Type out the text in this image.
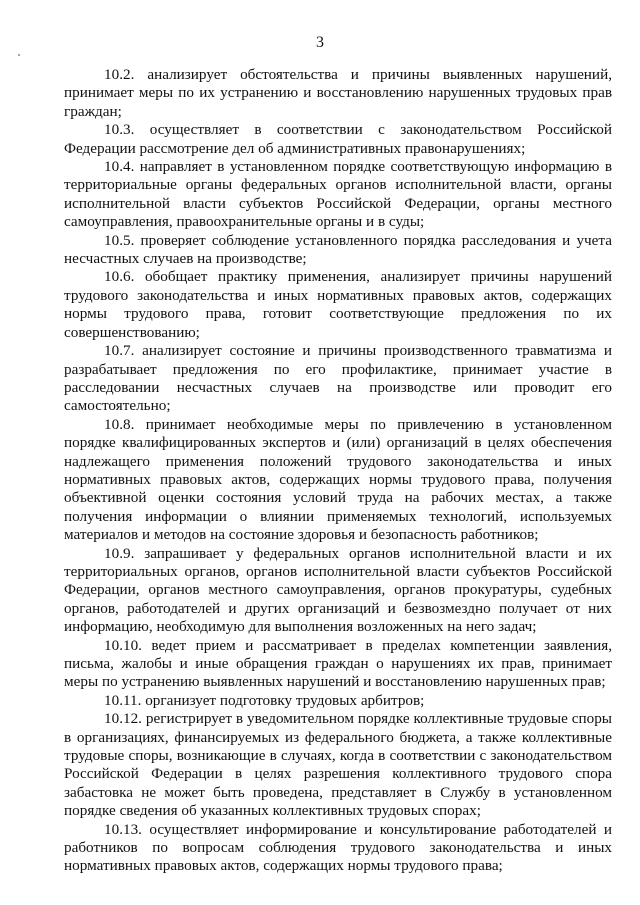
3

10.2. анализирует обстоятельства и причины выявленных нарушений, принимает меры по их устранению и восстановлению нарушенных трудовых прав граждан;

10.3. осуществляет в соответствии с законодательством Российской Федерации рассмотрение дел об административных правонарушениях;

10.4. направляет в установленном порядке соответствующую информацию в территориальные органы федеральных органов исполнительной власти, органы исполнительной власти субъектов Российской Федерации, органы местного самоуправления, правоохранительные органы и в суды;

10.5. проверяет соблюдение установленного порядка расследования и учета несчастных случаев на производстве;

10.6. обобщает практику применения, анализирует причины нарушений трудового законодательства и иных нормативных правовых актов, содержащих нормы трудового права, готовит соответствующие предложения по их совершенствованию;

10.7. анализирует состояние и причины производственного травматизма и разрабатывает предложения по его профилактике, принимает участие в расследовании несчастных случаев на производстве или проводит его самостоятельно;

10.8. принимает необходимые меры по привлечению в установленном порядке квалифицированных экспертов и (или) организаций в целях обеспечения надлежащего применения положений трудового законодательства и иных нормативных правовых актов, содержащих нормы трудового права, получения объективной оценки состояния условий труда на рабочих местах, а также получения информации о влиянии применяемых технологий, используемых материалов и методов на состояние здоровья и безопасность работников;

10.9. запрашивает у федеральных органов исполнительной власти и их территориальных органов, органов исполнительной власти субъектов Российской Федерации, органов местного самоуправления, органов прокуратуры, судебных органов, работодателей и других организаций и безвозмездно получает от них информацию, необходимую для выполнения возложенных на него задач;

10.10. ведет прием и рассматривает в пределах компетенции заявления, письма, жалобы и иные обращения граждан о нарушениях их прав, принимает меры по устранению выявленных нарушений и восстановлению нарушенных прав;

10.11. организует подготовку трудовых арбитров;

10.12. регистрирует в уведомительном порядке коллективные трудовые споры в организациях, финансируемых из федерального бюджета, а также коллективные трудовые споры, возникающие в случаях, когда в соответствии с законодательством Российской Федерации в целях разрешения коллективного трудового спора забастовка не может быть проведена, представляет в Службу в установленном порядке сведения об указанных коллективных трудовых спорах;

10.13. осуществляет информирование и консультирование работодателей и работников по вопросам соблюдения трудового законодательства и иных нормативных правовых актов, содержащих нормы трудового права;
